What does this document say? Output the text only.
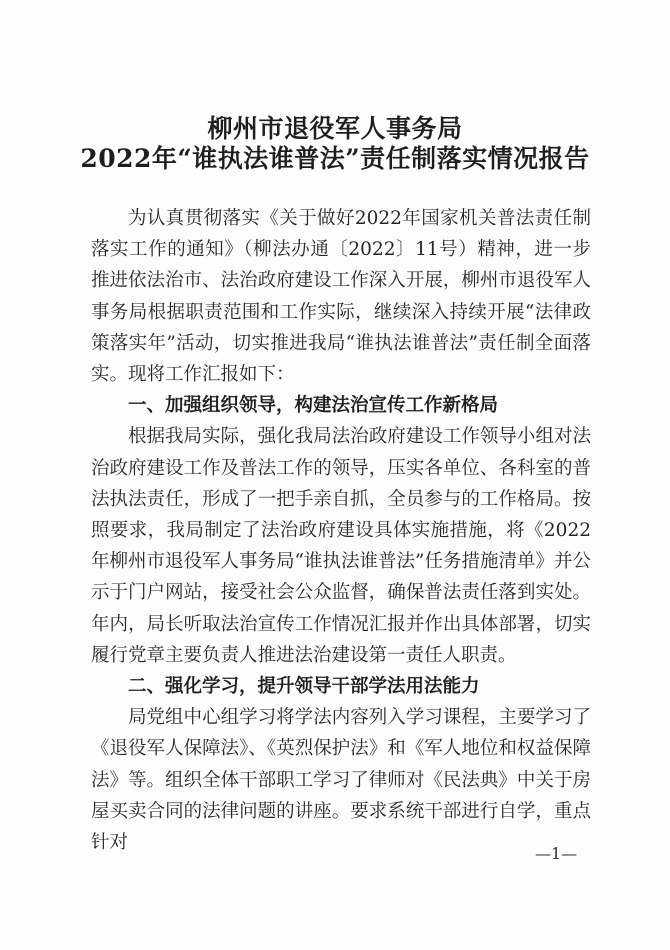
柳州市退役军人事务局
2022年“谁执法谁普法”责任制落实情况报告

为认真贯彻落实《关于做好2022年国家机关普法责任制落实工作的通知》（柳法办通〔2022〕11号）精神，进一步推进依法治市、法治政府建设工作深入开展，柳州市退役军人事务局根据职责范围和工作实际，继续深入持续开展“法律政策落实年”活动，切实推进我局“谁执法谁普法”责任制全面落实。现将工作汇报如下：

一、加强组织领导，构建法治宣传工作新格局

根据我局实际，强化我局法治政府建设工作领导小组对法治政府建设工作及普法工作的领导，压实各单位、各科室的普法执法责任，形成了一把手亲自抓，全员参与的工作格局。按照要求，我局制定了法治政府建设具体实施措施，将《2022年柳州市退役军人事务局“谁执法谁普法”任务措施清单》并公示于门户网站，接受社会公众监督，确保普法责任落到实处。年内，局长听取法治宣传工作情况汇报并作出具体部署，切实履行党章主要负责人推进法治建设第一责任人职责。

二、强化学习，提升领导干部学法用法能力

局党组中心组学习将学法内容列入学习课程，主要学习了《退役军人保障法》、《英烈保护法》和《军人地位和权益保障法》等。组织全体干部职工学习了律师对《民法典》中关于房屋买卖合同的法律问题的讲座。要求系统干部进行自学，重点针对

—1—
